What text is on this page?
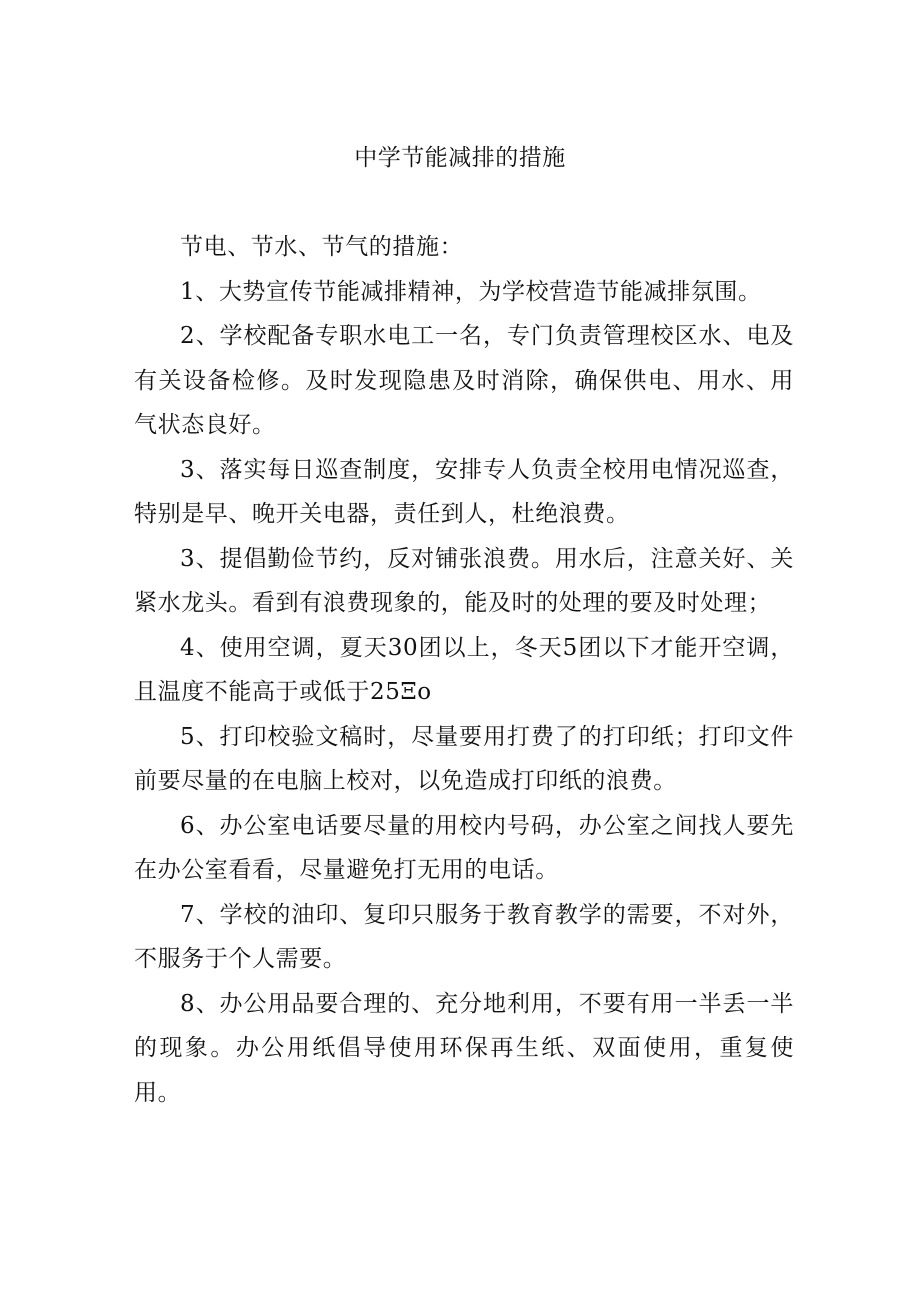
中学节能减排的措施

节电、节水、节气的措施：

1、大势宣传节能减排精神，为学校营造节能减排氛围。

2、学校配备专职水电工一名，专门负责管理校区水、电及有关设备检修。及时发现隐患及时消除，确保供电、用水、用气状态良好。

3、落实每日巡查制度，安排专人负责全校用电情况巡查，特别是早、晚开关电器，责任到人，杜绝浪费。

3、提倡勤俭节约，反对铺张浪费。用水后，注意关好、关紧水龙头。看到有浪费现象的，能及时的处理的要及时处理；

4、使用空调，夏天30团以上，冬天5团以下才能开空调，且温度不能高于或低于25Ξo

5、打印校验文稿时，尽量要用打费了的打印纸；打印文件前要尽量的在电脑上校对，以免造成打印纸的浪费。

6、办公室电话要尽量的用校内号码，办公室之间找人要先在办公室看看，尽量避免打无用的电话。

7、学校的油印、复印只服务于教育教学的需要，不对外，不服务于个人需要。

8、办公用品要合理的、充分地利用，不要有用一半丢一半的现象。办公用纸倡导使用环保再生纸、双面使用，重复使用。
